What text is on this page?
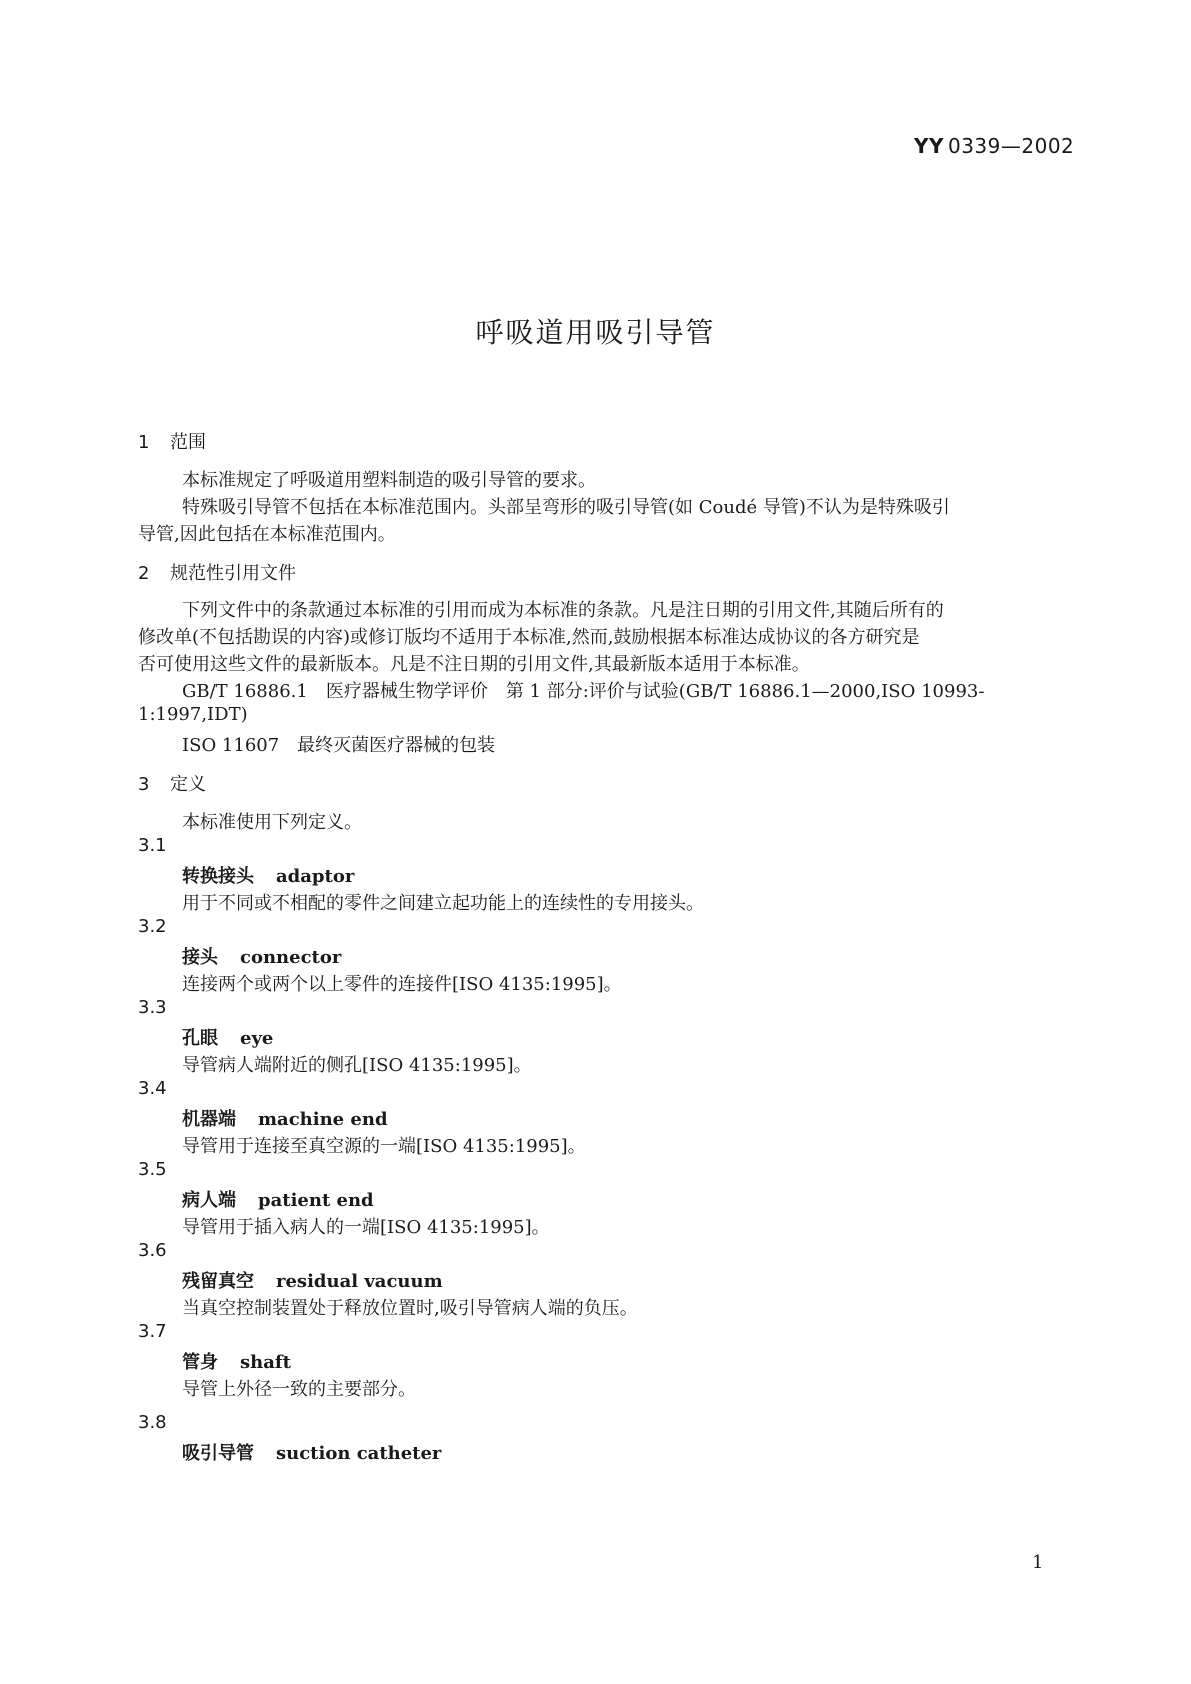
YY 0339—2002
呼吸道用吸引导管
1 范围

本标准规定了呼吸道用塑料制造的吸引导管的要求。

特殊吸引导管不包括在本标准范围内。头部呈弯形的吸引导管(如 Coudé 导管)不认为是特殊吸引

导管,因此包括在本标准范围内。

2 规范性引用文件

下列文件中的条款通过本标准的引用而成为本标准的条款。凡是注日期的引用文件,其随后所有的

修改单(不包括勘误的内容)或修订版均不适用于本标准,然而,鼓励根据本标准达成协议的各方研究是

否可使用这些文件的最新版本。凡是不注日期的引用文件,其最新版本适用于本标准。

GB/T 16886.1　医疗器械生物学评价　第 1 部分:评价与试验(GB/T 16886.1—2000,ISO 10993-

1:1997,IDT)

ISO 11607　最终灭菌医疗器械的包装

3 定义

本标准使用下列定义。

3.1
转换接头 adaptor

用于不同或不相配的零件之间建立起功能上的连续性的专用接头。

3.2
接头 connector

连接两个或两个以上零件的连接件[ISO 4135:1995]。

3.3
孔眼 eye

导管病人端附近的侧孔[ISO 4135:1995]。

3.4
机器端 machine end

导管用于连接至真空源的一端[ISO 4135:1995]。

3.5
病人端 patient end

导管用于插入病人的一端[ISO 4135:1995]。

3.6
残留真空 residual vacuum

当真空控制装置处于释放位置时,吸引导管病人端的负压。

3.7
管身 shaft

导管上外径一致的主要部分。

3.8
吸引导管 suction catheter
1
